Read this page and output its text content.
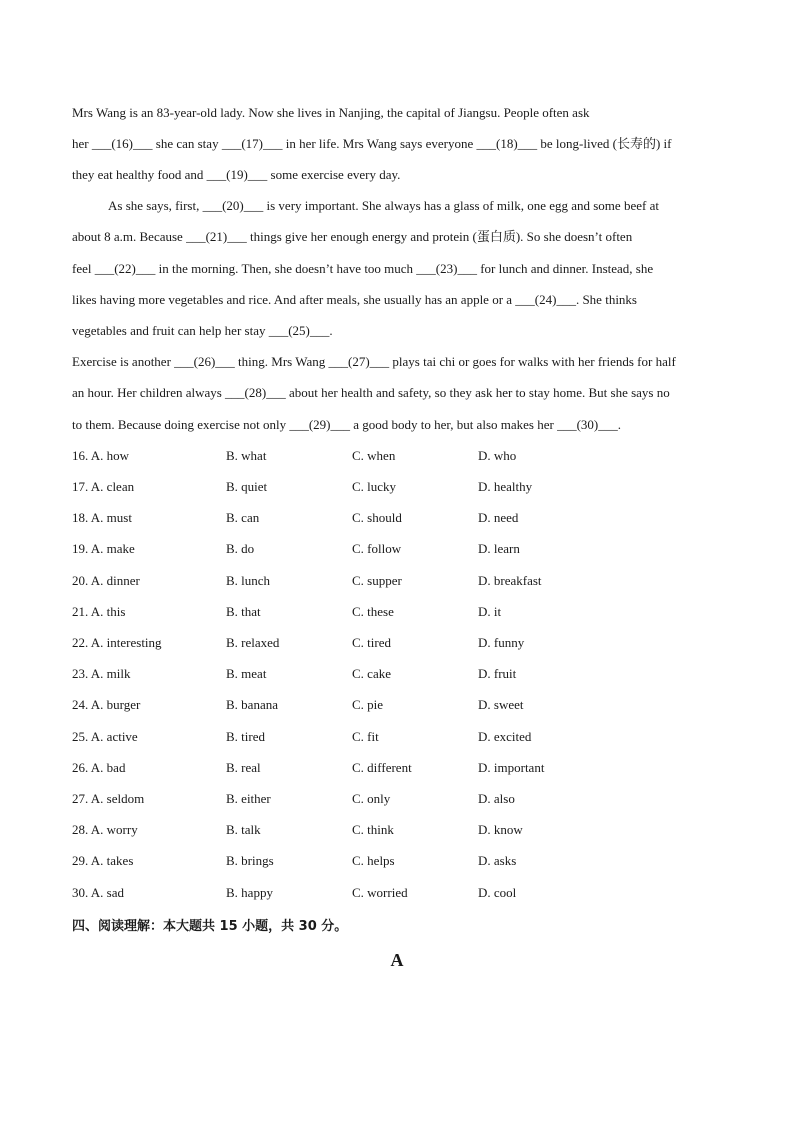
Mrs Wang is an 83-year-old lady. Now she lives in Nanjing, the capital of Jiangsu. People often ask
her ___(16)___ she can stay ___(17)___ in her life. Mrs Wang says everyone ___(18)___ be long-lived (长寿的) if
they eat healthy food and ___(19)___ some exercise every day.
As she says, first, ___(20)___ is very important. She always has a glass of milk, one egg and some beef at
about 8 a.m. Because ___(21)___ things give her enough energy and protein (蛋白质). So she doesn’t often
feel ___(22)___ in the morning. Then, she doesn’t have too much ___(23)___ for lunch and dinner. Instead, she
likes having more vegetables and rice. And after meals, she usually has an apple or a ___(24)___. She thinks
vegetables and fruit can help her stay ___(25)___.
Exercise is another ___(26)___ thing. Mrs Wang ___(27)___ plays tai chi or goes for walks with her friends for half
an hour. Her children always ___(28)___ about her health and safety, so they ask her to stay home. But she says no
to them. Because doing exercise not only ___(29)___ a good body to her, but also makes her ___(30)___.
16. A. how	B. what	C. when	D. who
17. A. clean	B. quiet	C. lucky	D. healthy
18. A. must	B. can	C. should	D. need
19. A. make	B. do	C. follow	D. learn
20. A. dinner	B. lunch	C. supper	D. breakfast
21. A. this	B. that	C. these	D. it
22. A. interesting	B. relaxed	C. tired	D. funny
23. A. milk	B. meat	C. cake	D. fruit
24. A. burger	B. banana	C. pie	D. sweet
25. A. active	B. tired	C. fit	D. excited
26. A. bad	B. real	C. different	D. important
27. A. seldom	B. either	C. only	D. also
28. A. worry	B. talk	C. think	D. know
29. A. takes	B. brings	C. helps	D. asks
30. A. sad	B. happy	C. worried	D. cool
四、阅读理解：本大题共 15 小题，共 30 分。
A
